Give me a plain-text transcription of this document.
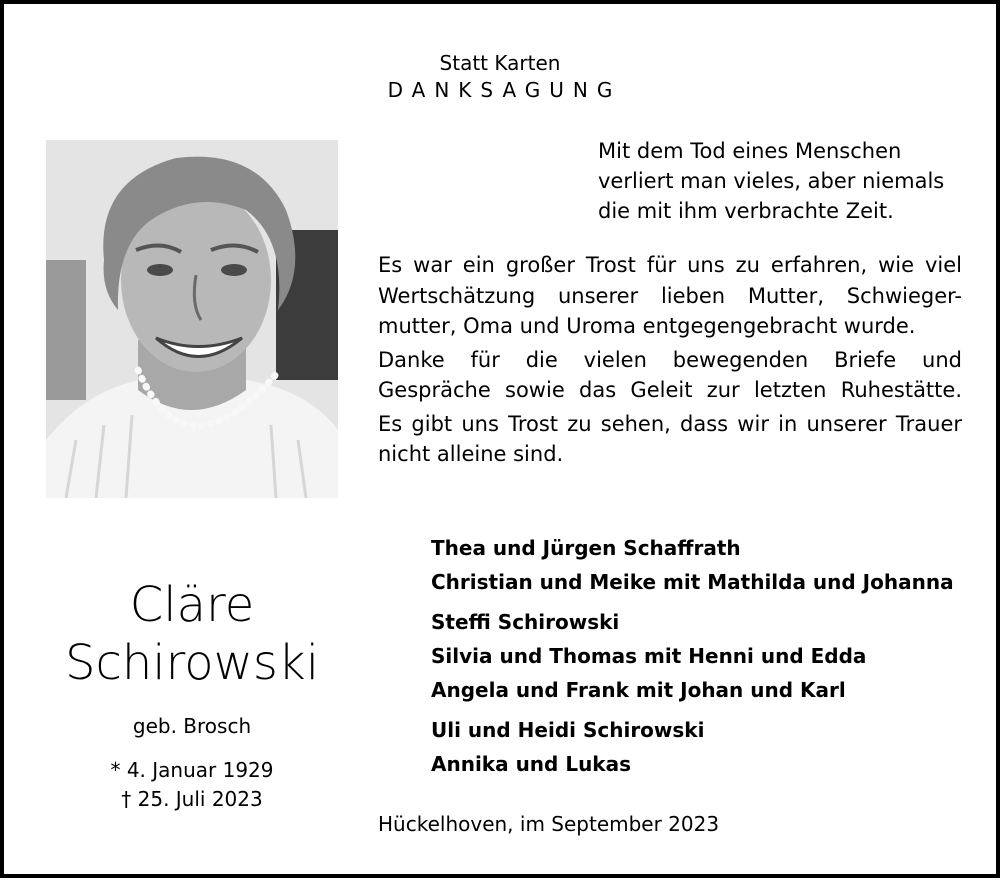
Statt Karten
DANKSAGUNG
Mit dem Tod eines Menschen
verliert man vieles, aber niemals
die mit ihm verbrachte Zeit.

Es war ein großer Trost für uns zu erfahren, wie viel Wertschätzung unserer lieben Mutter, Schwieger- mutter, Oma und Uroma entgegengebracht wurde.

Danke für die vielen bewegenden Briefe und Gespräche sowie das Geleit zur letzten Ruhestätte.

Es gibt uns Trost zu sehen, dass wir in unserer Trauer nicht alleine sind.

Thea und Jürgen Schaffrath
Christian und Meike mit Mathilda und Johanna
Steffi Schirowski
Silvia und Thomas mit Henni und Edda
Angela und Frank mit Johan und Karl
Uli und Heidi Schirowski
Annika und Lukas
Cläre
Schirowski
geb. Brosch
* 4. Januar 1929
† 25. Juli 2023
Hückelhoven, im September 2023
